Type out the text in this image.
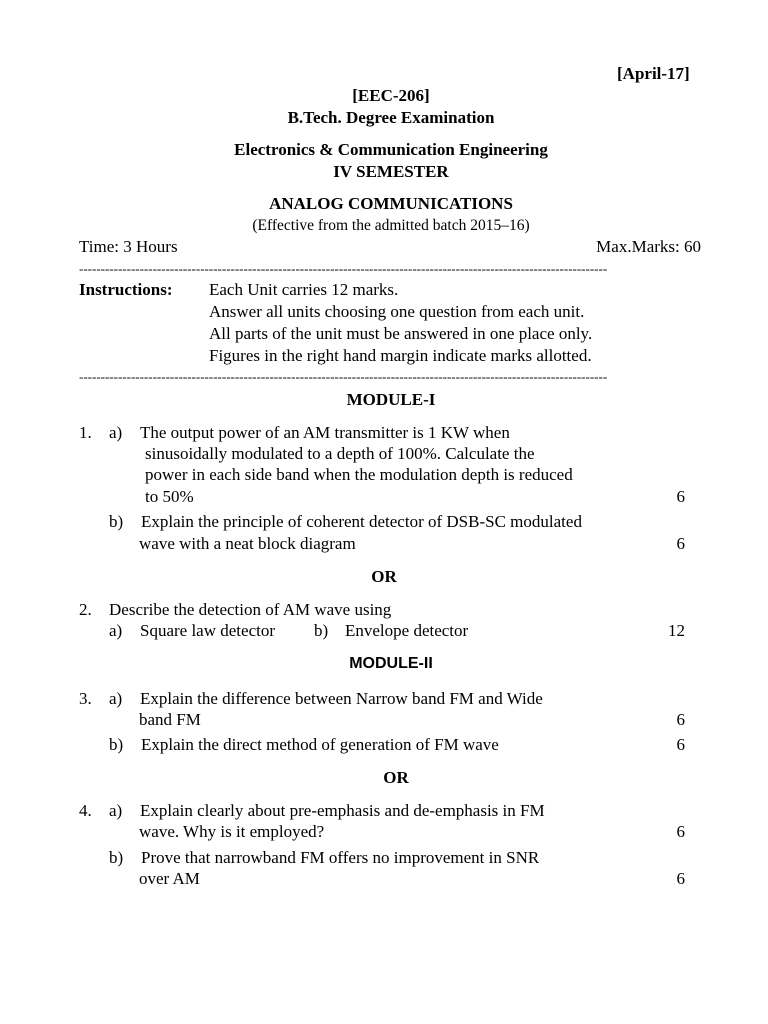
[April-17]
[EEC-206]
B.Tech. Degree Examination
Electronics & Communication Engineering
IV SEMESTER
ANALOG COMMUNICATIONS
(Effective from the admitted batch 2015–16)
Time: 3 Hours	Max.Marks: 60
--------------------------------------------------------------------------------------------------------------------------
Instructions: Each Unit carries 12 marks.
Answer all units choosing one question from each unit.
All parts of the unit must be answered in one place only.
Figures in the right hand margin indicate marks allotted.
--------------------------------------------------------------------------------------------------------------------------
MODULE-I
1. a) The output power of an AM transmitter is 1 KW when
sinusoidally modulated to a depth of 100%. Calculate the
power in each side band when the modulation depth is reduced
to 50%	6
b) Explain the principle of coherent detector of DSB-SC modulated
wave with a neat block diagram	6
OR
2. Describe the detection of AM wave using
a) Square law detector b) Envelope detector	12
MODULE-II
3. a) Explain the difference between Narrow band FM and Wide
band FM	6
b) Explain the direct method of generation of FM wave	6
OR
4. a) Explain clearly about pre-emphasis and de-emphasis in FM
wave. Why is it employed?	6
b) Prove that narrowband FM offers no improvement in SNR
over AM	6
